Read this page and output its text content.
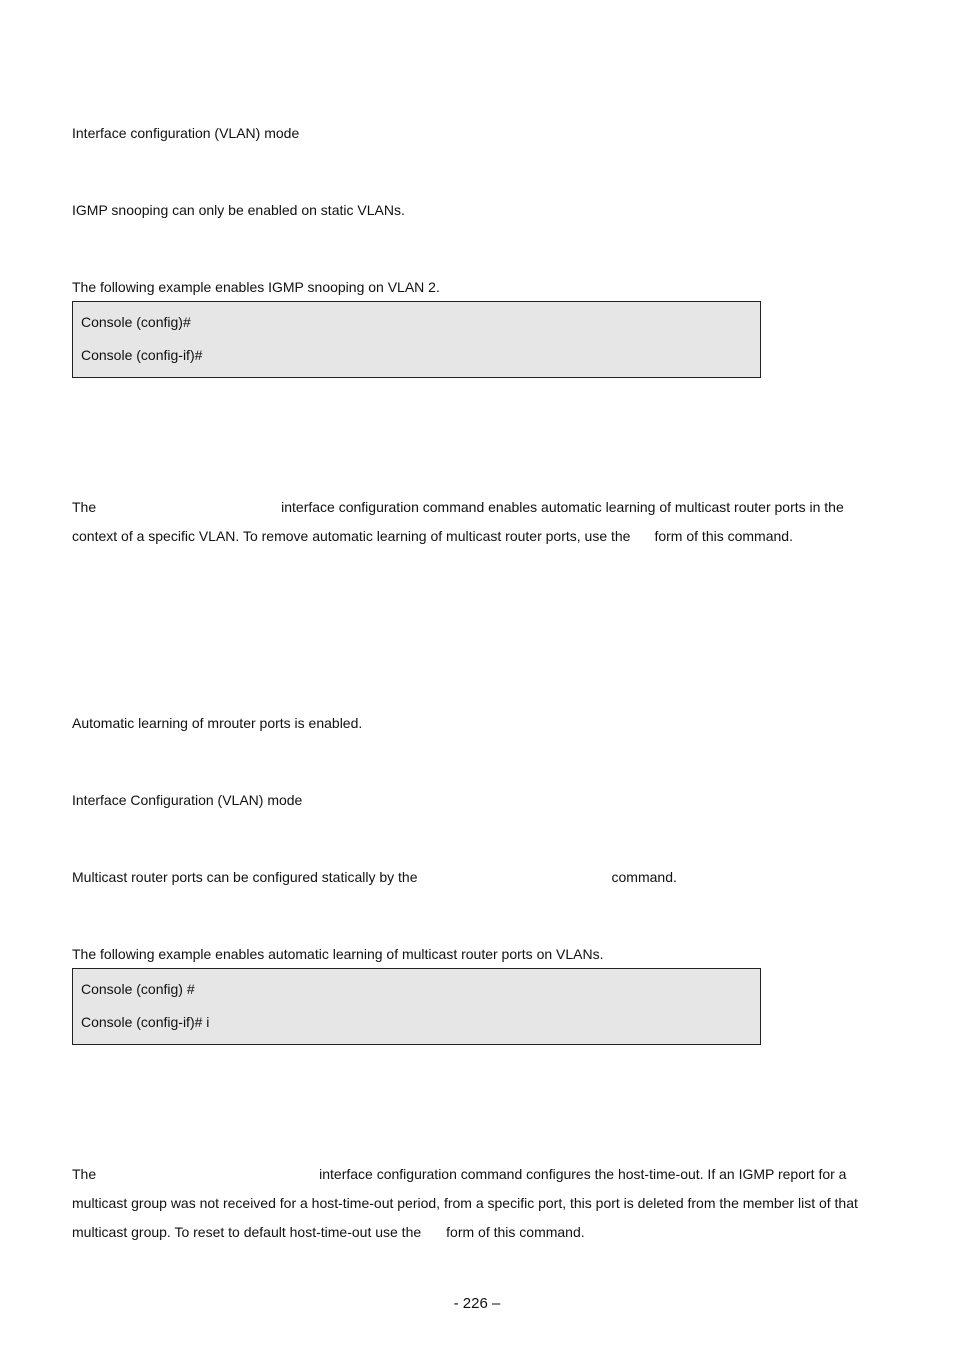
Interface configuration (VLAN) mode
IGMP snooping can only be enabled on static VLANs.
The following example enables IGMP snooping on VLAN 2.
Console (config)#
Console (config-if)#
The	interface configuration command enables automatic learning of multicast router ports in the
context of a specific VLAN. To remove automatic learning of multicast router ports, use the form of this command.
Automatic learning of mrouter ports is enabled.
Interface Configuration (VLAN) mode
Multicast router ports can be configured statically by the	command.
The following example enables automatic learning of multicast router ports on VLANs.
Console (config) #
Console (config-if)# i
The	interface configuration command configures the host-time-out. If an IGMP report for a
multicast group was not received for a host-time-out period, from a specific port, this port is deleted from the member list of that
multicast group. To reset to default host-time-out use the form of this command.
- 226 –
